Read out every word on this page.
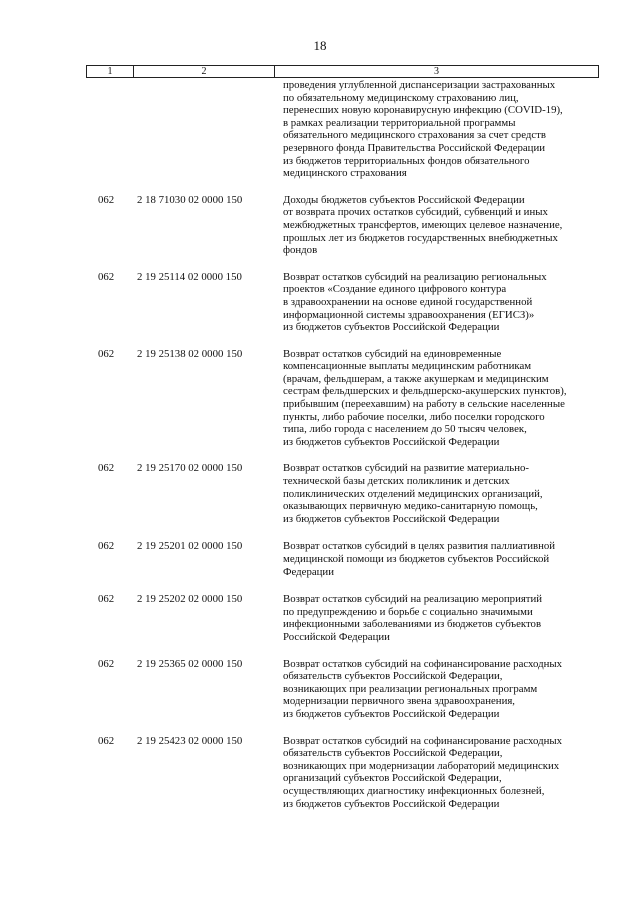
18
1	2	3
проведения углубленной диспансеризации застрахованных
по обязательному медицинскому страхованию лиц,
перенесших новую коронавирусную инфекцию (COVID-19),
в рамках реализации территориальной программы
обязательного медицинского страхования за счет средств
резервного фонда Правительства Российской Федерации
из бюджетов территориальных фондов обязательного
медицинского страхования
062	2 18 71030 02 0000 150	Доходы бюджетов субъектов Российской Федерации
от возврата прочих остатков субсидий, субвенций и иных
межбюджетных трансфертов, имеющих целевое назначение,
прошлых лет из бюджетов государственных внебюджетных
фондов
062	2 19 25114 02 0000 150	Возврат остатков субсидий на реализацию региональных
проектов «Создание единого цифрового контура
в здравоохранении на основе единой государственной
информационной системы здравоохранения (ЕГИСЗ)»
из бюджетов субъектов Российской Федерации
062	2 19 25138 02 0000 150	Возврат остатков субсидий на единовременные
компенсационные выплаты медицинским работникам
(врачам, фельдшерам, а также акушеркам и медицинским
сестрам фельдшерских и фельдшерско-акушерских пунктов),
прибывшим (переехавшим) на работу в сельские населенные
пункты, либо рабочие поселки, либо поселки городского
типа, либо города с населением до 50 тысяч человек,
из бюджетов субъектов Российской Федерации
062	2 19 25170 02 0000 150	Возврат остатков субсидий на развитие материально-
технической базы детских поликлиник и детских
поликлинических отделений медицинских организаций,
оказывающих первичную медико-санитарную помощь,
из бюджетов субъектов Российской Федерации
062	2 19 25201 02 0000 150	Возврат остатков субсидий в целях развития паллиативной
медицинской помощи из бюджетов субъектов Российской
Федерации
062	2 19 25202 02 0000 150	Возврат остатков субсидий на реализацию мероприятий
по предупреждению и борьбе с социально значимыми
инфекционными заболеваниями из бюджетов субъектов
Российской Федерации
062	2 19 25365 02 0000 150	Возврат остатков субсидий на софинансирование расходных
обязательств субъектов Российской Федерации,
возникающих при реализации региональных программ
модернизации первичного звена здравоохранения,
из бюджетов субъектов Российской Федерации
062	2 19 25423 02 0000 150	Возврат остатков субсидий на софинансирование расходных
обязательств субъектов Российской Федерации,
возникающих при модернизации лабораторий медицинских
организаций субъектов Российской Федерации,
осуществляющих диагностику инфекционных болезней,
из бюджетов субъектов Российской Федерации
